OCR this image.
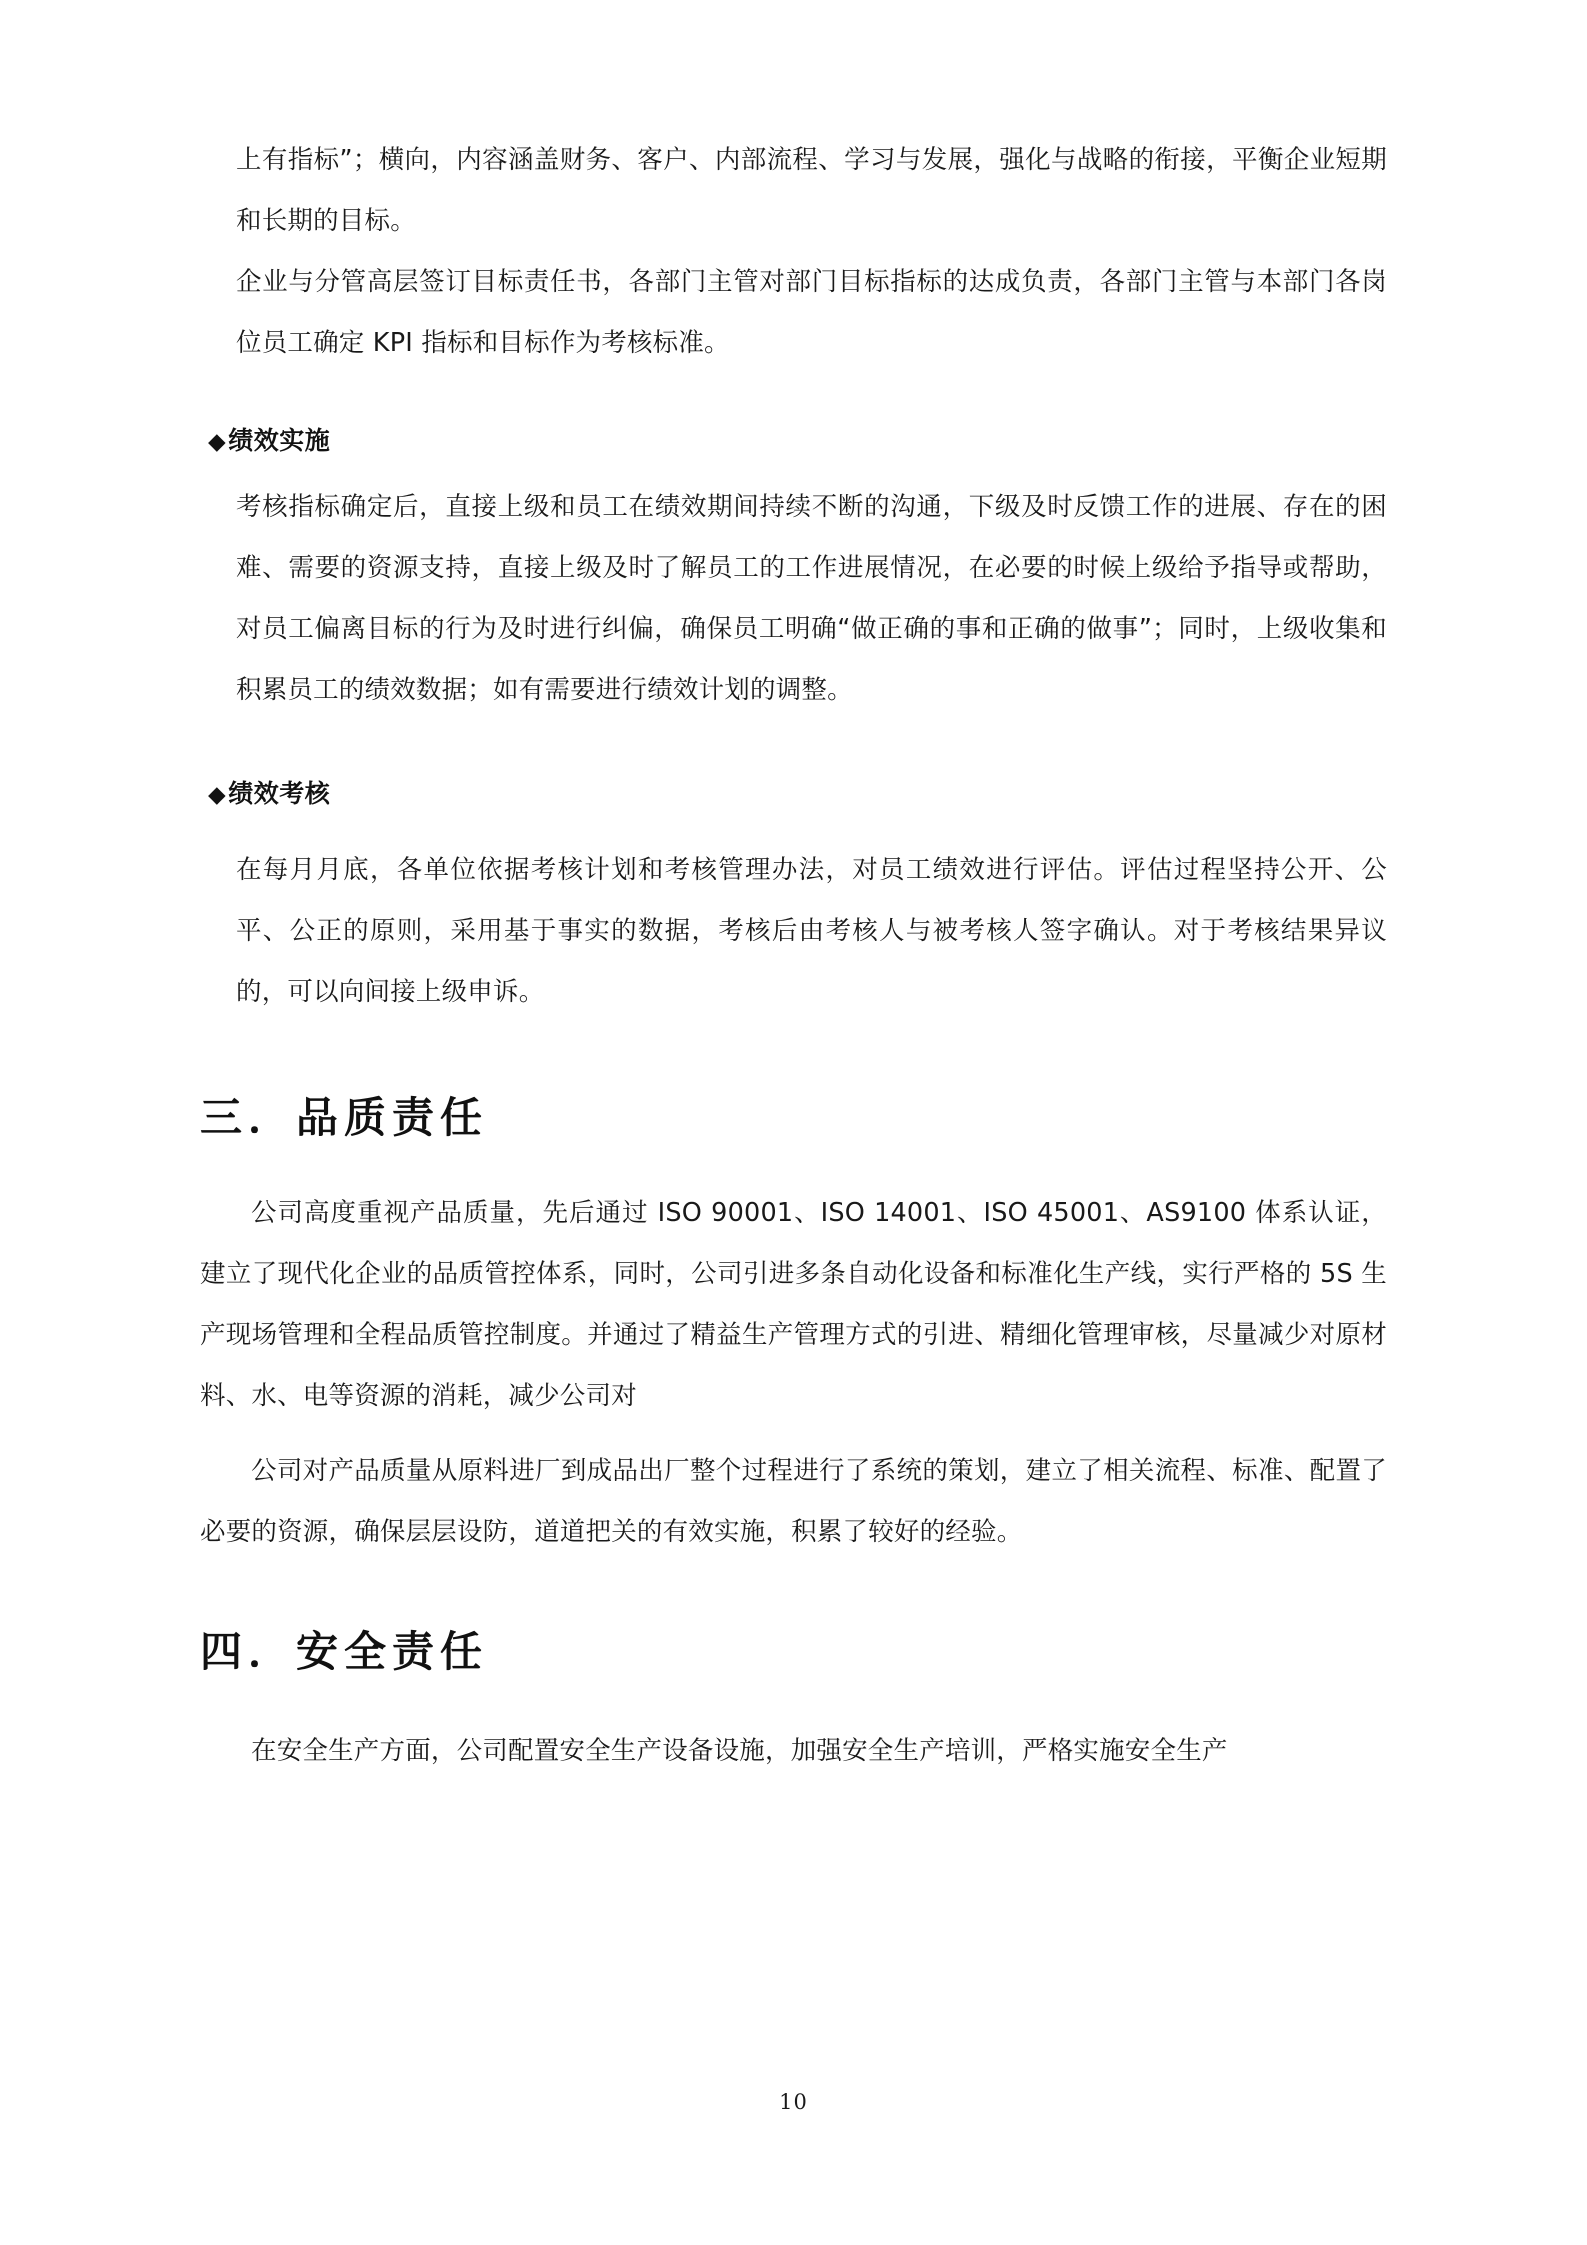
上有指标”；横向，内容涵盖财务、客户、内部流程、学习与发展，强化与战略的衔接，平衡企业短期和长期的目标。

企业与分管高层签订目标责任书，各部门主管对部门目标指标的达成负责，各部门主管与本部门各岗位员工确定 KPI 指标和目标作为考核标准。

◆绩效实施

考核指标确定后，直接上级和员工在绩效期间持续不断的沟通，下级及时反馈工作的进展、存在的困难、需要的资源支持，直接上级及时了解员工的工作进展情况，在必要的时候上级给予指导或帮助，对员工偏离目标的行为及时进行纠偏，确保员工明确“做正确的事和正确的做事”；同时，上级收集和积累员工的绩效数据；如有需要进行绩效计划的调整。

◆绩效考核

在每月月底，各单位依据考核计划和考核管理办法，对员工绩效进行评估。评估过程坚持公开、公平、公正的原则，采用基于事实的数据，考核后由考核人与被考核人签字确认。对于考核结果异议的，可以向间接上级申诉。

三．品质责任

公司高度重视产品质量，先后通过 ISO 90001、ISO 14001、ISO 45001、AS9100 体系认证，建立了现代化企业的品质管控体系，同时，公司引进多条自动化设备和标准化生产线，实行严格的 5S 生产现场管理和全程品质管控制度。并通过了精益生产管理方式的引进、精细化管理审核，尽量减少对原材料、水、电等资源的消耗，减少公司对

公司对产品质量从原料进厂到成品出厂整个过程进行了系统的策划，建立了相关流程、标准、配置了必要的资源，确保层层设防，道道把关的有效实施，积累了较好的经验。

四．安全责任

在安全生产方面，公司配置安全生产设备设施，加强安全生产培训，严格实施安全生产

10
